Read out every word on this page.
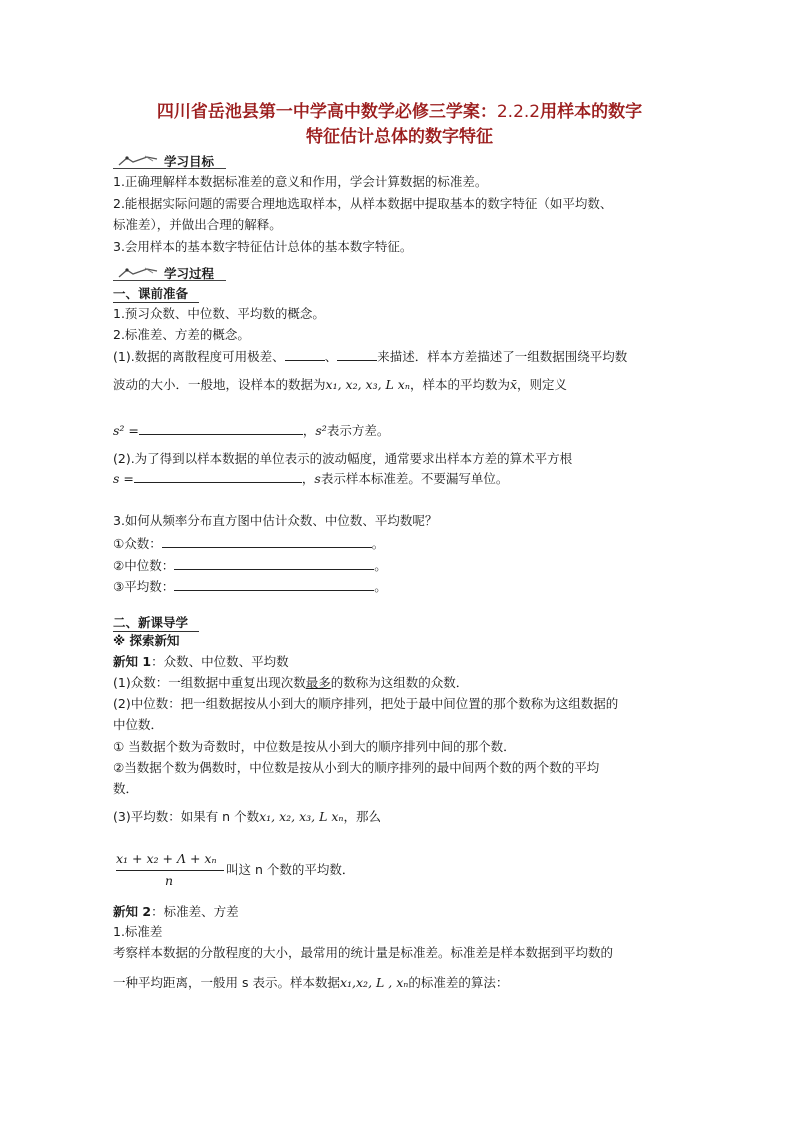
四川省岳池县第一中学高中数学必修三学案：2.2.2用样本的数字
特征估计总体的数字特征
学习目标
1.正确理解样本数据标准差的意义和作用，学会计算数据的标准差。
2.能根据实际问题的需要合理地选取样本，从样本数据中提取基本的数字特征（如平均数、
标准差），并做出合理的解释。
3.会用样本的基本数字特征估计总体的基本数字特征。
学习过程
一、课前准备
1.预习众数、中位数、平均数的概念。
2.标准差、方差的概念。
(1).数据的离散程度可用极差、	、	来描述．样本方差描述了一组数据围绕平均数
波动的大小．一般地，设样本的数据为x₁, x₂, x₃, L xₙ，样本的平均数为x̄，则定义
s² =	，s²表示方差。
(2).为了得到以样本数据的单位表示的波动幅度，通常要求出样本方差的算术平方根
s =	，s表示样本标准差。不要漏写单位。
3.如何从频率分布直方图中估计众数、中位数、平均数呢？
①众数：	。
②中位数：	。
③平均数：	。
二、新课导学
※ 探索新知
新知 1：众数、中位数、平均数
(1)众数：一组数据中重复出现次数最多的数称为这组数的众数．
(2)中位数：把一组数据按从小到大的顺序排列，把处于最中间位置的那个数称为这组数据的
中位数．
① 当数据个数为奇数时，中位数是按从小到大的顺序排列中间的那个数．
②当数据个数为偶数时，中位数是按从小到大的顺序排列的最中间两个数的两个数的平均
数．
(3)平均数：如果有 n 个数x₁, x₂, x₃, L xₙ，那么
x₁ + x₂ + Λ + xₙ
叫这 n 个数的平均数．
n
新知 2：标准差、方差
1.标准差
考察样本数据的分散程度的大小，最常用的统计量是标准差。标准差是样本数据到平均数的
一种平均距离，一般用 s 表示。样本数据x₁,x₂, L , xₙ的标准差的算法：
